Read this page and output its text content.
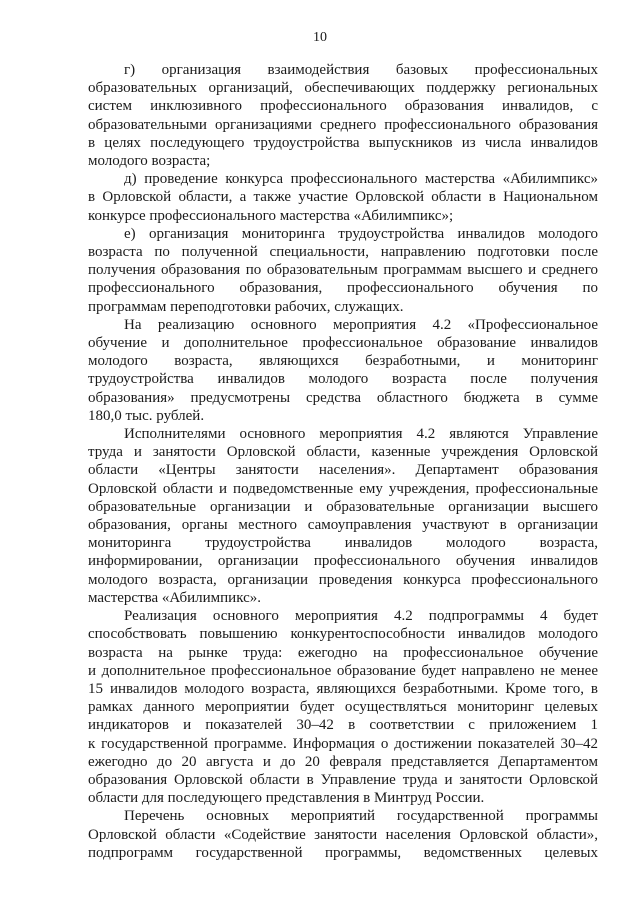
10

г) организация взаимодействия базовых профессиональных
образовательных организаций, обеспечивающих поддержку региональных
систем инклюзивного профессионального образования инвалидов, с
образовательными организациями среднего профессионального образования
в целях последующего трудоустройства выпускников из числа инвалидов
молодого возраста;

д) проведение конкурса профессионального мастерства «Абилимпикс»
в Орловской области, а также участие Орловской области в Национальном
конкурсе профессионального мастерства «Абилимпикс»;

е) организация мониторинга трудоустройства инвалидов молодого
возраста по полученной специальности, направлению подготовки после
получения образования по образовательным программам высшего и среднего
профессионального образования, профессионального обучения по
программам переподготовки рабочих, служащих.

На реализацию основного мероприятия 4.2 «Профессиональное
обучение и дополнительное профессиональное образование инвалидов
молодого возраста, являющихся безработными, и мониторинг
трудоустройства инвалидов молодого возраста после получения
образования» предусмотрены средства областного бюджета в сумме
180,0 тыс. рублей.

Исполнителями основного мероприятия 4.2 являются Управление
труда и занятости Орловской области, казенные учреждения Орловской
области «Центры занятости населения». Департамент образования
Орловской области и подведомственные ему учреждения, профессиональные
образовательные организации и образовательные организации высшего
образования, органы местного самоуправления участвуют в организации
мониторинга трудоустройства инвалидов молодого возраста,
информировании, организации профессионального обучения инвалидов
молодого возраста, организации проведения конкурса профессионального
мастерства «Абилимпикс».

Реализация основного мероприятия 4.2 подпрограммы 4 будет
способствовать повышению конкурентоспособности инвалидов молодого
возраста на рынке труда: ежегодно на профессиональное обучение
и дополнительное профессиональное образование будет направлено не менее
15 инвалидов молодого возраста, являющихся безработными. Кроме того, в
рамках данного мероприятии будет осуществляться мониторинг целевых
индикаторов и показателей 30–42 в соответствии с приложением 1
к государственной программе. Информация о достижении показателей 30–42
ежегодно до 20 августа и до 20 февраля представляется Департаментом
образования Орловской области в Управление труда и занятости Орловской
области для последующего представления в Минтруд России.

Перечень основных мероприятий государственной программы
Орловской области «Содействие занятости населения Орловской области»,
подпрограмм государственной программы, ведомственных целевых
